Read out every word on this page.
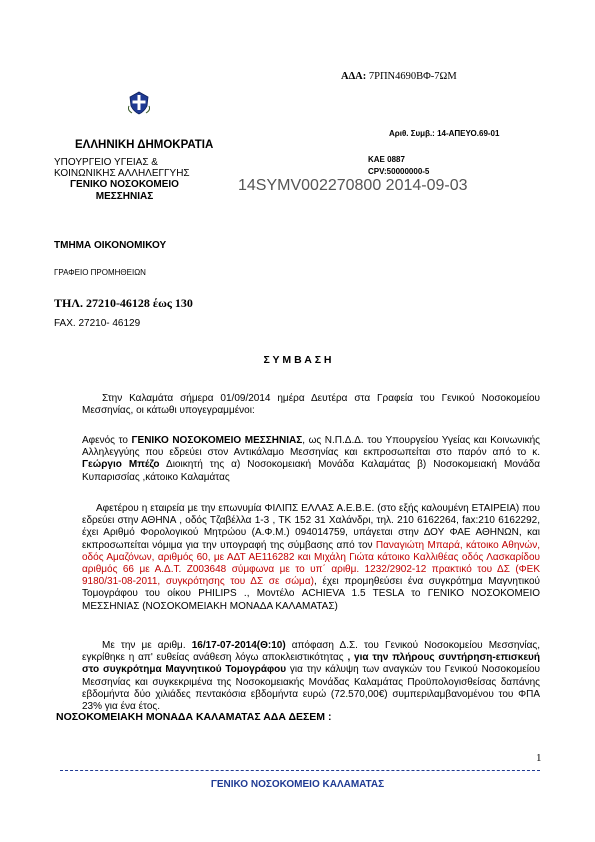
ΑΔΑ: 7ΡΠΝ4690ΒΦ-7ΩΜ
ΕΛΛΗΝΙΚΗ ΔΗΜΟΚΡΑΤΙΑ
Αριθ. Συμβ.: 14-ΑΠΕΥΟ.69-01
ΥΠΟΥΡΓΕΙΟ ΥΓΕΙΑΣ &
ΚΟΙΝΩΝΙΚΗΣ ΑΛΛΗΛΕΓΓΥΗΣ
ΚΑΕ 0887
CPV:50000000-5
ΓΕΝΙΚΟ ΝΟΣΟΚΟΜΕΙΟ
ΜΕΣΣΗΝΙΑΣ
14SYMV002270800 2014-09-03
ΤΜΗΜΑ ΟΙΚΟΝΟΜΙΚΟΥ
ΓΡΑΦΕΙΟ ΠΡΟΜΗΘΕΙΩΝ
ΤΗΛ. 27210-46128 έως 130
FAX. 27210- 46129
Σ Υ Μ Β Α Σ Η
Στην Καλαμάτα σήμερα 01/09/2014 ημέρα Δευτέρα στα Γραφεία του Γενικού Νοσοκομείου Μεσσηνίας, οι κάτωθι υπογεγραμμένοι:
Αφενός το ΓΕΝΙΚΟ ΝΟΣΟΚΟΜΕΙΟ ΜΕΣΣΗΝΙΑΣ, ως Ν.Π.Δ.Δ. του Υπουργείου Υγείας και Κοινωνικής Αλληλεγγύης που εδρεύει στον Αντικάλαμο Μεσσηνίας και εκπροσωπείται στο παρόν από το κ. Γεώργιο Μπέζο Διοικητή της α) Νοσοκομειακή Μονάδα Καλαμάτας β) Νοσοκομειακή Μονάδα Κυπαρισσίας ,κάτοικο Καλαμάτας
Αφετέρου η εταιρεία με την επωνυμία ΦΙΛΙΠΣ ΕΛΛΑΣ Α.Ε.Β.Ε. (στο εξής καλουμένη ΕΤΑΙΡΕΙΑ) που εδρεύει στην ΑΘΗΝΑ , οδός Τζαβέλλα 1-3 , ΤΚ 152 31 Χαλάνδρι, τηλ. 210 6162264, fax:210 6162292, έχει Αριθμό Φορολογικού Μητρώου (Α.Φ.Μ.) 094014759, υπάγεται στην ΔΟΥ ΦΑΕ ΑΘΗΝΩΝ, και εκπροσωπείται νόμιμα για την υπογραφή της σύμβασης από τον Παναγιώτη Μπαρά, κάτοικο Αθηνών, οδός Αμαζόνων, αριθμός 60, με ΑΔΤ ΑΕ116282 και Μιχάλη Γιώτα κάτοικο Καλλιθέας οδός Λασκαρίδου αριθμός 66 με Α.Δ.Τ. Ζ003648 σύμφωνα με το υπ΄ αριθμ. 1232/2902-12 πρακτικό του ΔΣ (ΦΕΚ 9180/31-08-2011, συγκρότησης του ΔΣ σε σώμα), έχει προμηθεύσει ένα συγκρότημα Μαγνητικού Τομογράφου του οίκου PHILIPS ., Μοντέλο ACHIEVA 1.5 TESLA το ΓΕΝΙΚΟ ΝΟΣΟΚΟΜΕΙΟ ΜΕΣΣΗΝΙΑΣ (ΝΟΣΟΚΟΜΕΙΑΚΗ ΜΟΝΑΔΑ ΚΑΛΑΜΑΤΑΣ)
Με την με αριθμ. 16/17-07-2014(Θ:10) απόφαση Δ.Σ. του Γενικού Νοσοκομείου Μεσσηνίας, εγκρίθηκε η απ' ευθείας ανάθεση λόγω αποκλειστικότητας , για την πλήρους συντήρηση-επισκευή στο συγκρότημα Μαγνητικού Τομογράφου για την κάλυψη των αναγκών του Γενικού Νοσοκομείου Μεσσηνίας και συγκεκριμένα της Νοσοκομειακής Μονάδας Καλαμάτας Προϋπολογισθείσας δαπάνης εβδομήντα δύο χιλιάδες πεντακόσια εβδομήντα ευρώ (72.570,00€) συμπεριλαμβανομένου του ΦΠΑ 23% για ένα έτος.
ΝΟΣΟΚΟΜΕΙΑΚΗ ΜΟΝΑΔΑ ΚΑΛΑΜΑΤΑΣ ΑΔΑ ΔΕΣΕΜ :
1
ΓΕΝΙΚΟ ΝΟΣΟΚΟΜΕΙΟ ΚΑΛΑΜΑΤΑΣ
